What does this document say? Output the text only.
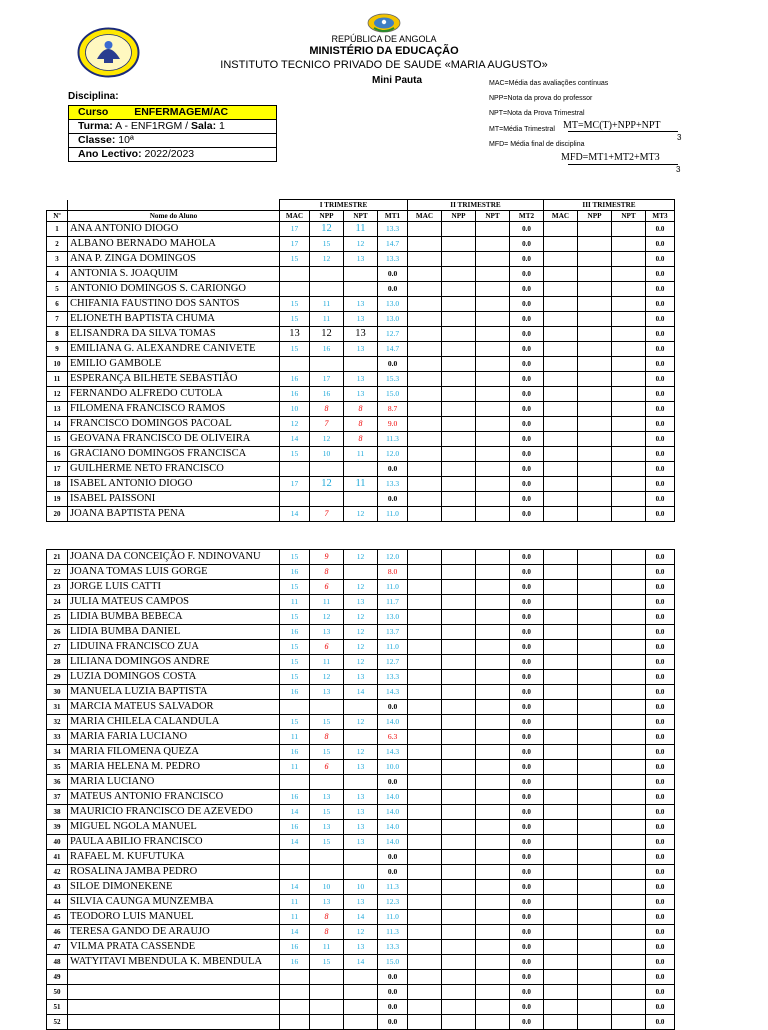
REPÚBLICA DE ANGOLA
MINISTÉRIO DA EDUCAÇÃO
INSTITUTO TECNICO PRIVADO DE SAUDE «MARIA AUGUSTO»
Mini Pauta	MAC=Média das avaliações contínuas
NPP=Nota da prova do professor
NPT=Nota da Prova Trimestral
MT=Média Trimestral
MFD= Média final de disciplina
MT=MC(T)+NPP+NPT
3
MFD=MT1+MT2+MT3
3
Disciplina:
Curso ENFERMAGEM/AC
Turma: A - ENF1RGM / Sala: 1
Classe: 10ª
Ano Lectivo: 2022/2023
		I TRIMESTRE				II TRIMESTRE				III TRIMESTRE			
Nº	Nome do Aluno	MAC	NPP	NPT	MT1	MAC	NPP	NPT	MT2	MAC	NPP	NPT	MT3
1	ANA ANTONIO DIOGO	17	12	11	13.3				0.0				0.0
2	ALBANO BERNADO MAHOLA	17	15	12	14.7				0.0				0.0
3	ANA P. ZINGA DOMINGOS	15	12	13	13.3				0.0				0.0
4	ANTONIA S. JOAQUIM				0.0				0.0				0.0
5	ANTONIO DOMINGOS S. CARIONGO				0.0				0.0				0.0
6	CHIFANIA FAUSTINO DOS SANTOS	15	11	13	13.0				0.0				0.0
7	ELIONETH BAPTISTA CHUMA	15	11	13	13.0				0.0				0.0
8	ELISANDRA DA SILVA TOMAS	13	12	13	12.7				0.0				0.0
9	EMILIANA G. ALEXANDRE CANIVETE	15	16	13	14.7				0.0				0.0
10	EMILIO GAMBOLE				0.0				0.0				0.0
11	ESPERANÇA BILHETE SEBASTIÃO	16	17	13	15.3				0.0				0.0
12	FERNANDO ALFREDO CUTOLA	16	16	13	15.0				0.0				0.0
13	FILOMENA FRANCISCO RAMOS	10	8	8	8.7				0.0				0.0
14	FRANCISCO DOMINGOS PACOAL	12	7	8	9.0				0.0				0.0
15	GEOVANA FRANCISCO DE OLIVEIRA	14	12	8	11.3				0.0				0.0
16	GRACIANO DOMINGOS FRANCISCA	15	10	11	12.0				0.0				0.0
17	GUILHERME NETO FRANCISCO				0.0				0.0				0.0
18	ISABEL ANTONIO DIOGO	17	12	11	13.3				0.0				0.0
19	ISABEL PAISSONI				0.0				0.0				0.0
20	JOANA BAPTISTA PENA	14	7	12	11.0				0.0				0.0
21	JOANA DA CONCEIÇÃO F. NDINOVANU	15	9	12	12.0				0.0				0.0
22	JOANA TOMAS LUIS GORGE	16	8		8.0				0.0				0.0
23	JORGE LUIS CATTI	15	6	12	11.0				0.0				0.0
24	JULIA MATEUS CAMPOS	11	11	13	11.7				0.0				0.0
25	LIDIA BUMBA BEBECA	15	12	12	13.0				0.0				0.0
26	LIDIA BUMBA DANIEL	16	13	12	13.7				0.0				0.0
27	LIDUINA FRANCISCO ZUA	15	6	12	11.0				0.0				0.0
28	LILIANA DOMINGOS ANDRE	15	11	12	12.7				0.0				0.0
29	LUZIA DOMINGOS COSTA	15	12	13	13.3				0.0				0.0
30	MANUELA LUZIA BAPTISTA	16	13	14	14.3				0.0				0.0
31	MARCIA MATEUS SALVADOR				0.0				0.0				0.0
32	MARIA CHILELA CALANDULA	15	15	12	14.0				0.0				0.0
33	MARIA FARIA LUCIANO	11	8		6.3				0.0				0.0
34	MARIA FILOMENA QUEZA	16	15	12	14.3				0.0				0.0
35	MARIA HELENA M. PEDRO	11	6	13	10.0				0.0				0.0
36	MARIA LUCIANO				0.0				0.0				0.0
37	MATEUS ANTONIO FRANCISCO	16	13	13	14.0				0.0				0.0
38	MAURICIO FRANCISCO DE AZEVEDO	14	15	13	14.0				0.0				0.0
39	MIGUEL NGOLA MANUEL	16	13	13	14.0				0.0				0.0
40	PAULA ABILIO FRANCISCO	14	15	13	14.0				0.0				0.0
41	RAFAEL M. KUFUTUKA				0.0				0.0				0.0
42	ROSALINA JAMBA PEDRO				0.0				0.0				0.0
43	SILOE DIMONEKENE	14	10	10	11.3				0.0				0.0
44	SILVIA CAUNGA MUNZEMBA	11	13	13	12.3				0.0				0.0
45	TEODORO LUIS MANUEL	11	8	14	11.0				0.0				0.0
46	TERESA GANDO DE ARAUJO	14	8	12	11.3				0.0				0.0
47	VILMA PRATA CASSENDE	16	11	13	13.3				0.0				0.0
48	WATYITAVI MBENDULA K. MBENDULA	16	15	14	15.0				0.0				0.0
49					0.0				0.0				0.0
50					0.0				0.0				0.0
51					0.0				0.0				0.0
52					0.0				0.0				0.0
